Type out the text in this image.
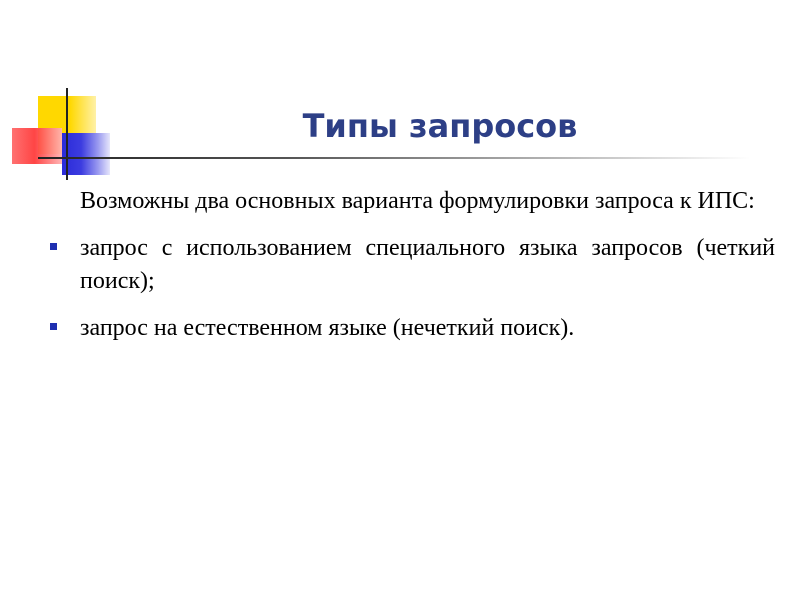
Типы запросов

Возможны два основных варианта формулировки запроса к ИПС:

запрос с использованием специального языка запросов (четкий поиск);
запрос на естественном языке (нечеткий поиск).
